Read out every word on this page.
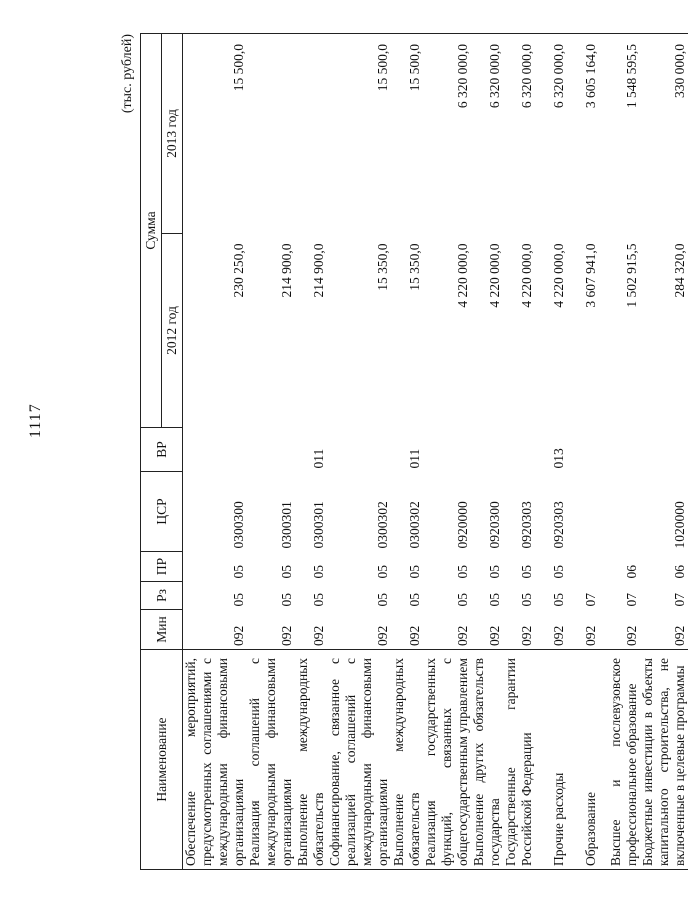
1117
(тыс. рублей)
Наименование	Мин	Рз	ПР	ЦСР	ВР	Сумма	
						2012 год	2013 год
Обеспечение мероприятий, предусмотренных соглашениями с международными финансовыми организациями	092	05	05	0300300		230 250,0	15 500,0
Реализация соглашений с международными финансовыми организациями	092	05	05	0300301		214 900,0	
Выполнение международных обязательств	092	05	05	0300301	011	214 900,0	
Софинансирование, связанное с реализацией соглашений с международными финансовыми организациями	092	05	05	0300302		15 350,0	15 500,0
Выполнение международных обязательств	092	05	05	0300302	011	15 350,0	15 500,0
Реализация государственных функций, связанных с общегосударственным управлением	092	05	05	0920000		4 220 000,0	6 320 000,0
Выполнение других обязательств государства	092	05	05	0920300		4 220 000,0	6 320 000,0
Государственные гарантии Российской Федерации	092	05	05	0920303		4 220 000,0	6 320 000,0
Прочие расходы	092	05	05	0920303	013	4 220 000,0	6 320 000,0
Образование	092	07				3 607 941,0	3 605 164,0
Высшее и послевузовское профессиональное образование	092	07	06			1 502 915,5	1 548 595,5
Бюджетные инвестиции в объекты капитального строительства, не включенные в целевые программы	092	07	06	1020000		284 320,0	330 000,0
